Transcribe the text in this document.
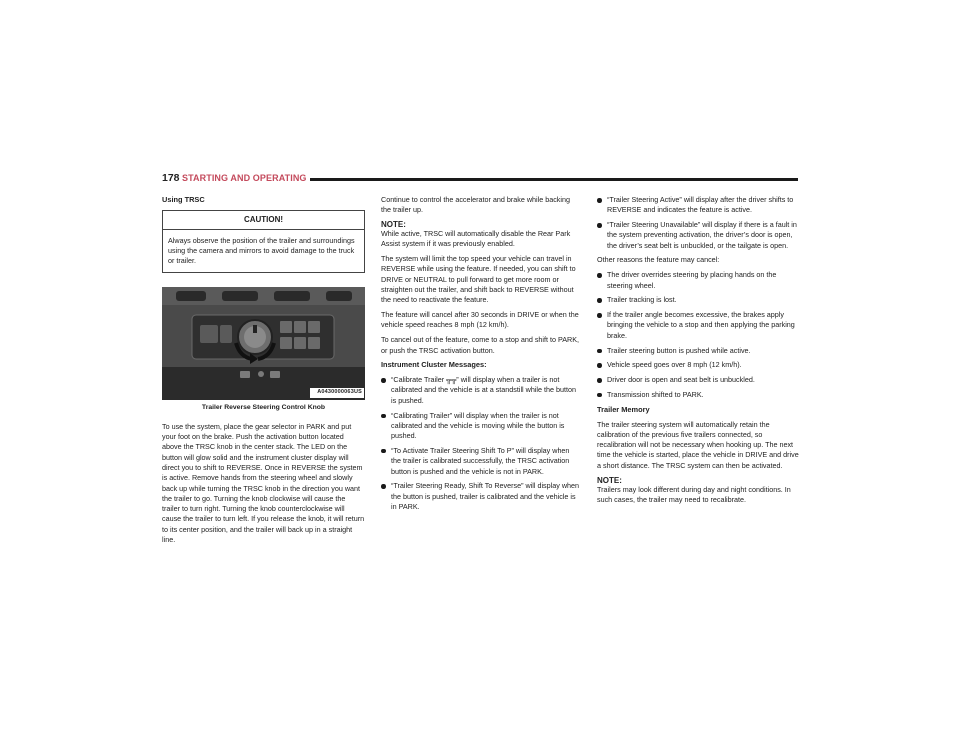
178 STARTING AND OPERATING
Using TRSC
CAUTION!
Always observe the position of the trailer and surroundings using the camera and mirrors to avoid damage to the truck or trailer.
A0430000063US
Trailer Reverse Steering Control Knob

To use the system, place the gear selector in PARK and put your foot on the brake. Push the activation button located above the TRSC knob in the center stack. The LED on the button will glow solid and the instrument cluster display will direct you to shift to REVERSE. Once in REVERSE the system is active. Remove hands from the steering wheel and slowly back up while turning the TRSC knob in the direction you want the trailer to go. Turning the knob clockwise will cause the trailer to turn right. Turning the knob counterclockwise will cause the trailer to turn left. If you release the knob, it will return to its center position, and the trailer will back up in a straight line.

Continue to control the accelerator and brake while backing the trailer up.

NOTE:

While active, TRSC will automatically disable the Rear Park Assist system if it was previously enabled.

The system will limit the top speed your vehicle can travel in REVERSE while using the feature. If needed, you can shift to DRIVE or NEUTRAL to pull forward to get more room or straighten out the trailer, and shift back to REVERSE without the need to reactivate the feature.

The feature will cancel after 30 seconds in DRIVE or when the vehicle speed reaches 8 mph (12 km/h).

To cancel out of the feature, come to a stop and shift to PARK, or push the TRSC activation button.

Instrument Cluster Messages:
“Calibrate Trailer ╦╦” will display when a trailer is not calibrated and the vehicle is at a standstill while the button is pushed.
“Calibrating Trailer” will display when the trailer is not calibrated and the vehicle is moving while the button is pushed.
“To Activate Trailer Steering Shift To P” will display when the trailer is calibrated successfully, the TRSC activation button is pushed and the vehicle is not in PARK.
“Trailer Steering Ready, Shift To Reverse” will display when the button is pushed, trailer is calibrated and the vehicle is in PARK.
“Trailer Steering Active” will display after the driver shifts to REVERSE and indicates the feature is active.
“Trailer Steering Unavailable” will display if there is a fault in the system preventing activation, the driver’s door is open, the driver’s seat belt is unbuckled, or the tailgate is open.

Other reasons the feature may cancel:

The driver overrides steering by placing hands on the steering wheel.
Trailer tracking is lost.
If the trailer angle becomes excessive, the brakes apply bringing the vehicle to a stop and then applying the parking brake.
Trailer steering button is pushed while active.
Vehicle speed goes over 8 mph (12 km/h).
Driver door is open and seat belt is unbuckled.
Transmission shifted to PARK.
Trailer Memory

The trailer steering system will automatically retain the calibration of the previous five trailers connected, so recalibration will not be necessary when hooking up. The next time the vehicle is started, place the vehicle in DRIVE and drive a short distance. The TRSC system can then be activated.

NOTE:

Trailers may look different during day and night conditions. In such cases, the trailer may need to recalibrate.
